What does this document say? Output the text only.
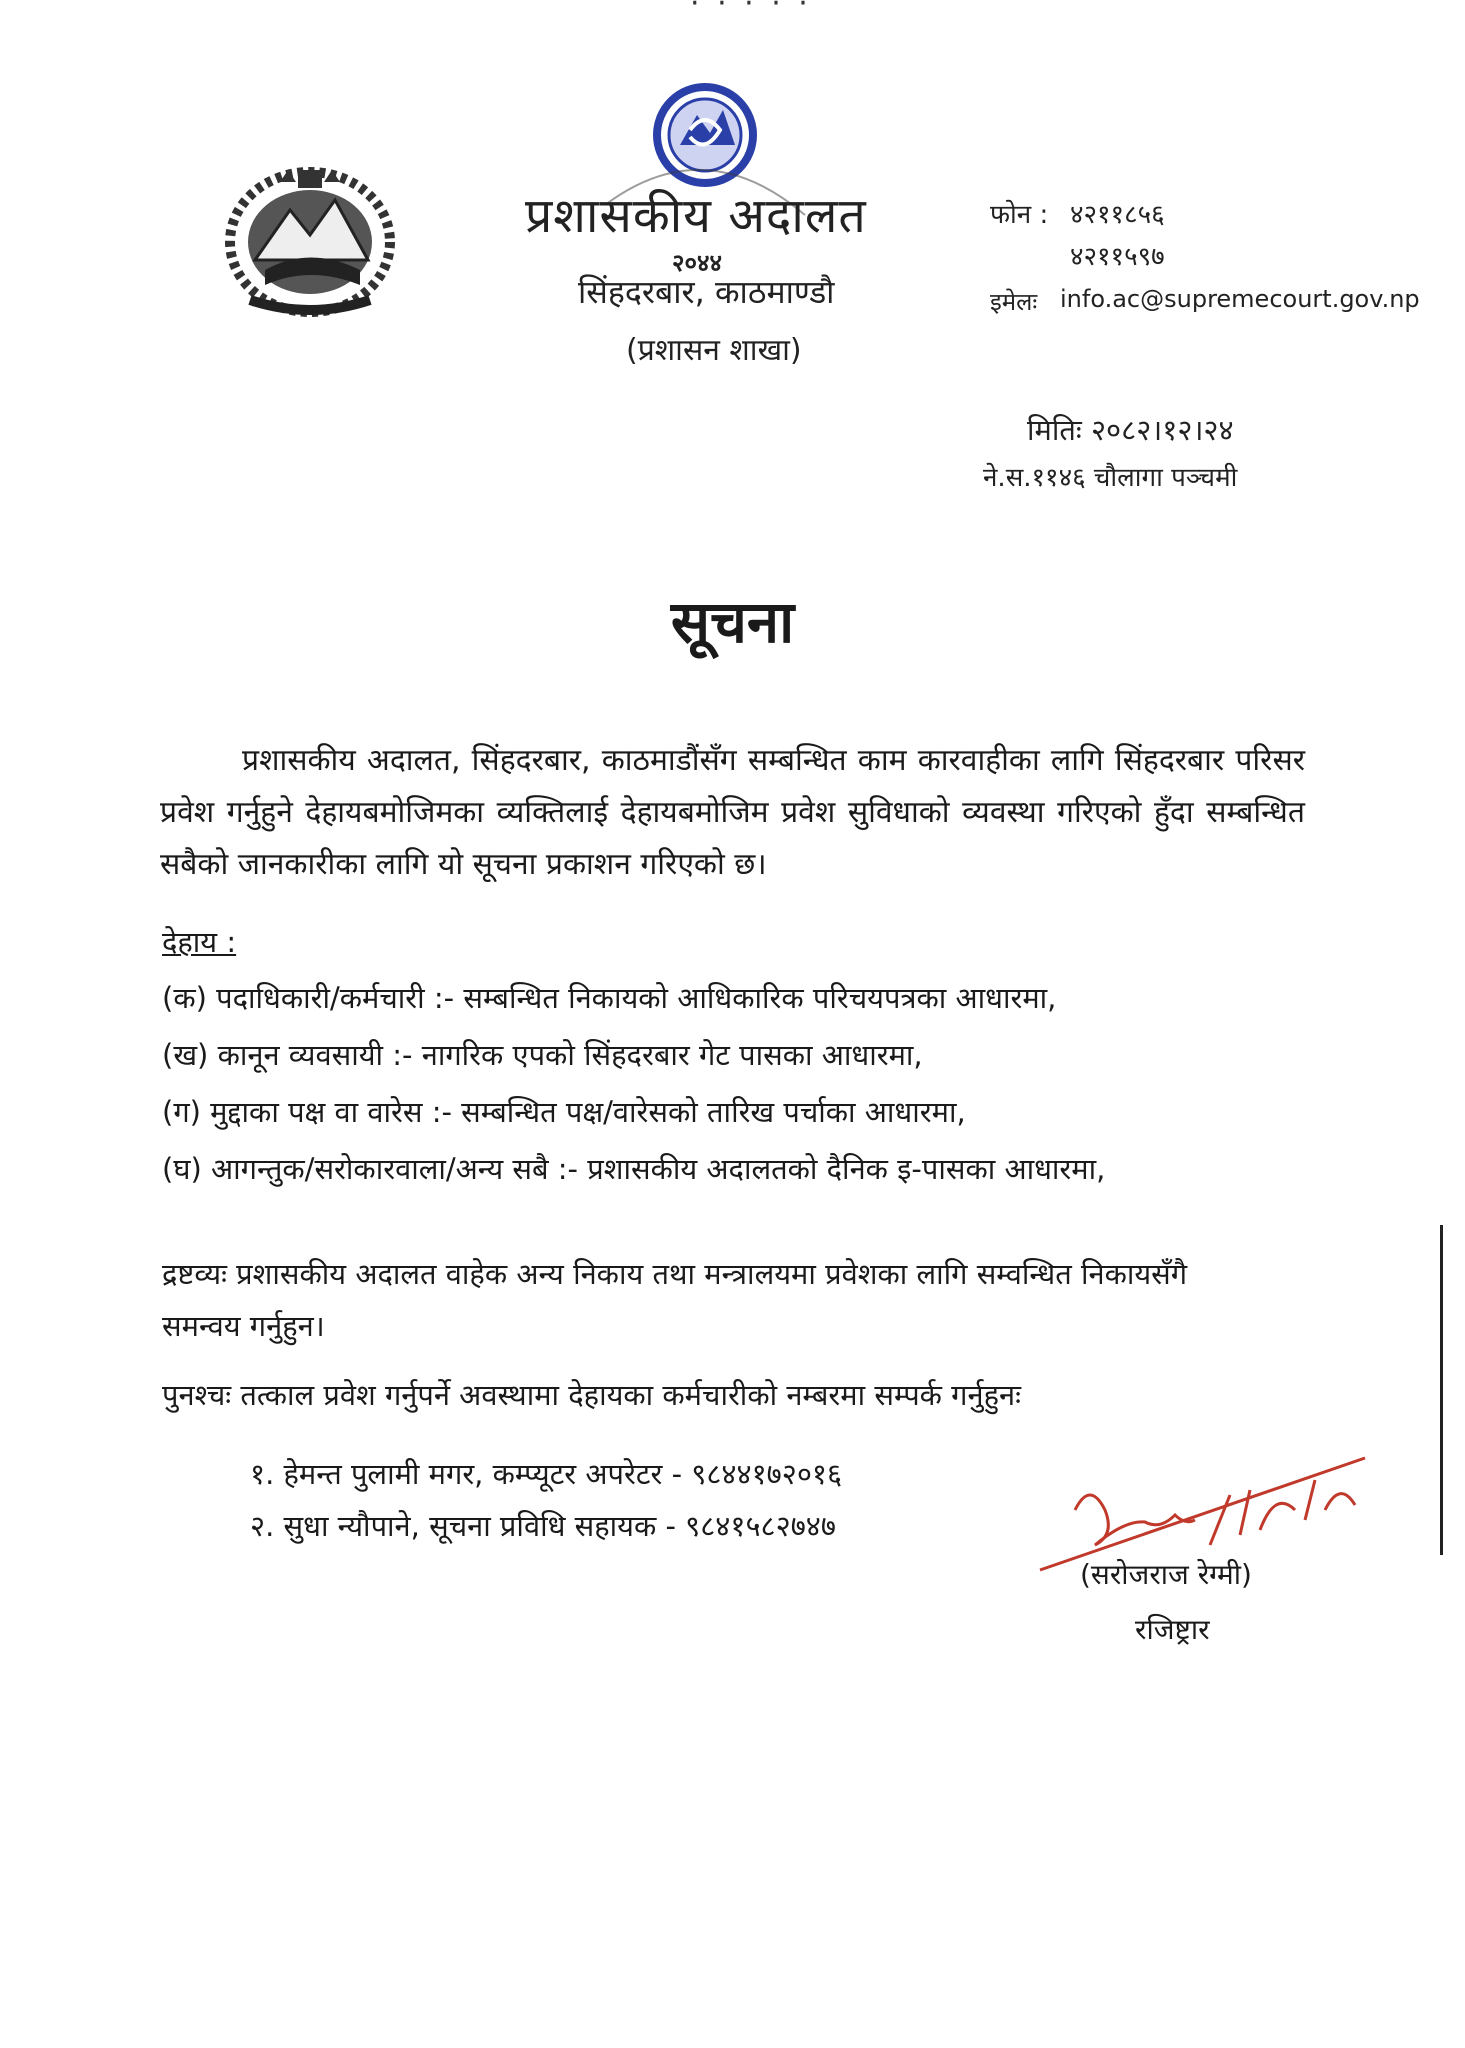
· · · · ·
प्रशासकीय अदालत
२०४४
सिंहदरबार, काठमाण्डौ
(प्रशासन शाखा)
फोन : ४२११८५६
४२११५९७
इमेलः info.ac@supremecourt.gov.np
मितिः २०८२।१२।२४
ने.स.११४६ चौलागा पञ्चमी
सूचना
प्रशासकीय अदालत, सिंहदरबार, काठमाडौंसँग सम्बन्धित काम कारवाहीका लागि सिंहदरबार परिसर प्रवेश गर्नुहुने देहायबमोजिमका व्यक्तिलाई देहायबमोजिम प्रवेश सुविधाको व्यवस्था गरिएको हुँदा सम्बन्धित सबैको जानकारीका लागि यो सूचना प्रकाशन गरिएको छ।
देहाय :
(क) पदाधिकारी/कर्मचारी :- सम्बन्धित निकायको आधिकारिक परिचयपत्रका आधारमा,
(ख) कानून व्यवसायी :- नागरिक एपको सिंहदरबार गेट पासका आधारमा,
(ग) मुद्दाका पक्ष वा वारेस :- सम्बन्धित पक्ष/वारेसको तारिख पर्चाका आधारमा,
(घ) आगन्तुक/सरोकारवाला/अन्य सबै :- प्रशासकीय अदालतको दैनिक इ-पासका आधारमा,
द्रष्टव्यः प्रशासकीय अदालत वाहेक अन्य निकाय तथा मन्त्रालयमा प्रवेशका लागि सम्वन्धित निकायसँगै समन्वय गर्नुहुन।
पुनश्चः तत्काल प्रवेश गर्नुपर्ने अवस्थामा देहायका कर्मचारीको नम्बरमा सम्पर्क गर्नुहुनः
१. हेमन्त पुलामी मगर, कम्प्यूटर अपरेटर - ९८४४१७२०१६
२. सुधा न्यौपाने, सूचना प्रविधि सहायक - ९८४१५८२७४७
(सरोजराज रेग्मी)
रजिष्ट्रार
